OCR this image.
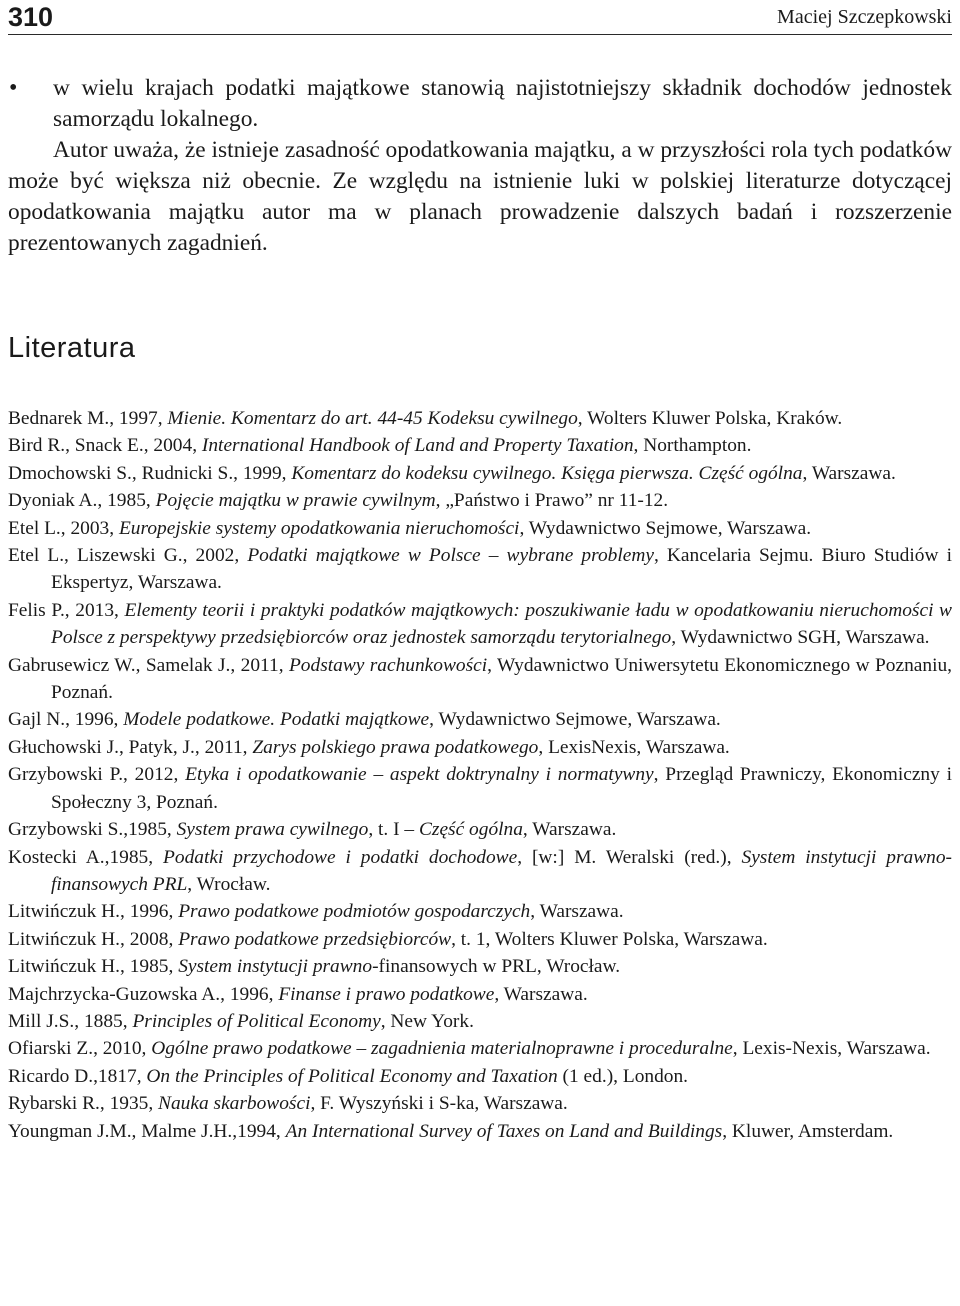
310	Maciej Szczepkowski
• w wielu krajach podatki majątkowe stanowią najistotniejszy składnik dochodów jednostek samorządu lokalnego.

Autor uważa, że istnieje zasadność opodatkowania majątku, a w przyszłości rola tych podatków może być większa niż obecnie. Ze względu na istnienie luki w polskiej literaturze dotyczącej opodatkowania majątku autor ma w planach prowadzenie dalszych badań i rozszerzenie prezentowanych zagadnień.

Literatura
Bednarek M., 1997, Mienie. Komentarz do art. 44-45 Kodeksu cywilnego, Wolters Kluwer Polska, Kraków.
Bird R., Snack E., 2004, International Handbook of Land and Property Taxation, Northampton.
Dmochowski S., Rudnicki S., 1999, Komentarz do kodeksu cywilnego. Księga pierwsza. Część ogólna, Warszawa.
Dyoniak A., 1985, Pojęcie majątku w prawie cywilnym, „Państwo i Prawo” nr 11-12.
Etel L., 2003, Europejskie systemy opodatkowania nieruchomości, Wydawnictwo Sejmowe, Warszawa.
Etel L., Liszewski G., 2002, Podatki majątkowe w Polsce – wybrane problemy, Kancelaria Sejmu. Biuro Studiów i Ekspertyz, Warszawa.
Felis P., 2013, Elementy teorii i praktyki podatków majątkowych: poszukiwanie ładu w opodatkowaniu nieruchomości w Polsce z perspektywy przedsiębiorców oraz jednostek samorządu terytorialnego, Wydawnictwo SGH, Warszawa.
Gabrusewicz W., Samelak J., 2011, Podstawy rachunkowości, Wydawnictwo Uniwersytetu Ekonomicznego w Poznaniu, Poznań.
Gajl N., 1996, Modele podatkowe. Podatki majątkowe, Wydawnictwo Sejmowe, Warszawa.
Głuchowski J., Patyk, J., 2011, Zarys polskiego prawa podatkowego, LexisNexis, Warszawa.
Grzybowski P., 2012, Etyka i opodatkowanie – aspekt doktrynalny i normatywny, Przegląd Prawniczy, Ekonomiczny i Społeczny 3, Poznań.
Grzybowski S.,1985, System prawa cywilnego, t. I – Część ogólna, Warszawa.
Kostecki A.,1985, Podatki przychodowe i podatki dochodowe, [w:] M. Weralski (red.), System instytucji prawno-finansowych PRL, Wrocław.
Litwińczuk H., 1996, Prawo podatkowe podmiotów gospodarczych, Warszawa.
Litwińczuk H., 2008, Prawo podatkowe przedsiębiorców, t. 1, Wolters Kluwer Polska, Warszawa.
Litwińczuk H., 1985, System instytucji prawno-finansowych w PRL, Wrocław.
Majchrzycka-Guzowska A., 1996, Finanse i prawo podatkowe, Warszawa.
Mill J.S., 1885, Principles of Political Economy, New York.
Ofiarski Z., 2010, Ogólne prawo podatkowe – zagadnienia materialnoprawne i proceduralne, Lexis-Nexis, Warszawa.
Ricardo D.,1817, On the Principles of Political Economy and Taxation (1 ed.), London.
Rybarski R., 1935, Nauka skarbowości, F. Wyszyński i S-ka, Warszawa.
Youngman J.M., Malme J.H.,1994, An International Survey of Taxes on Land and Buildings, Kluwer, Amsterdam.
